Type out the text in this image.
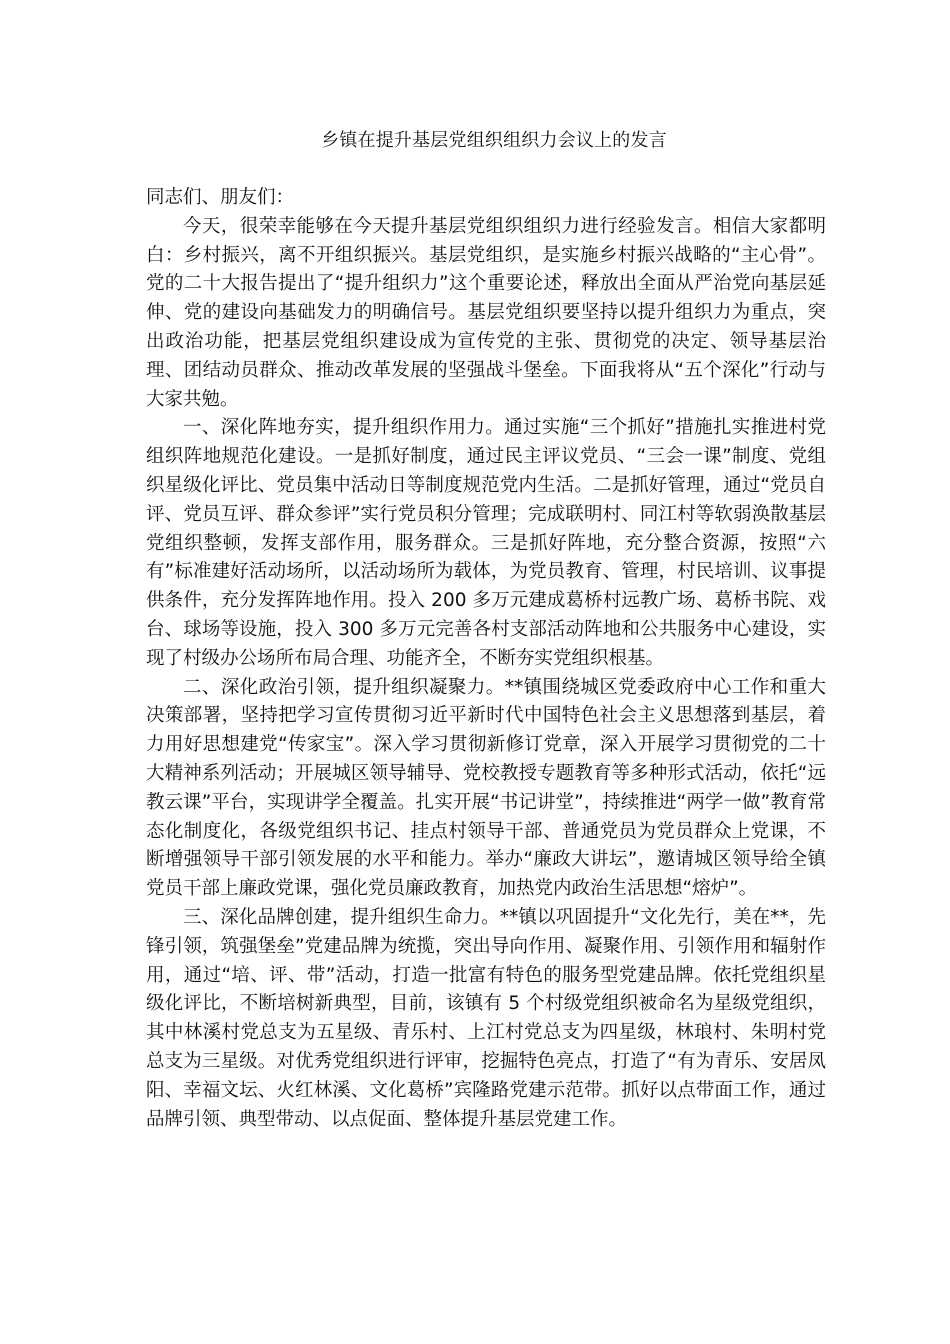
乡镇在提升基层党组织组织力会议上的发言

同志们、朋友们：

今天，很荣幸能够在今天提升基层党组织组织力进行经验发言。相信大家都明白：乡村振兴，离不开组织振兴。基层党组织，是实施乡村振兴战略的“主心骨”。党的二十大报告提出了“提升组织力”这个重要论述，释放出全面从严治党向基层延伸、党的建设向基础发力的明确信号。基层党组织要坚持以提升组织力为重点，突出政治功能，把基层党组织建设成为宣传党的主张、贯彻党的决定、领导基层治理、团结动员群众、推动改革发展的坚强战斗堡垒。下面我将从“五个深化”行动与大家共勉。

一、深化阵地夯实，提升组织作用力。通过实施“三个抓好”措施扎实推进村党组织阵地规范化建设。一是抓好制度，通过民主评议党员、“三会一课”制度、党组织星级化评比、党员集中活动日等制度规范党内生活。二是抓好管理，通过“党员自评、党员互评、群众参评”实行党员积分管理；完成联明村、同江村等软弱涣散基层党组织整顿，发挥支部作用，服务群众。三是抓好阵地，充分整合资源，按照“六有”标准建好活动场所，以活动场所为载体，为党员教育、管理，村民培训、议事提供条件，充分发挥阵地作用。投入 200 多万元建成葛桥村远教广场、葛桥书院、戏台、球场等设施，投入 300 多万元完善各村支部活动阵地和公共服务中心建设，实现了村级办公场所布局合理、功能齐全，不断夯实党组织根基。

二、深化政治引领，提升组织凝聚力。**镇围绕城区党委政府中心工作和重大决策部署，坚持把学习宣传贯彻习近平新时代中国特色社会主义思想落到基层，着力用好思想建党“传家宝”。深入学习贯彻新修订党章，深入开展学习贯彻党的二十大精神系列活动；开展城区领导辅导、党校教授专题教育等多种形式活动，依托“远教云课”平台，实现讲学全覆盖。扎实开展“书记讲堂”，持续推进“两学一做”教育常态化制度化，各级党组织书记、挂点村领导干部、普通党员为党员群众上党课，不断增强领导干部引领发展的水平和能力。举办“廉政大讲坛”，邀请城区领导给全镇党员干部上廉政党课，强化党员廉政教育，加热党内政治生活思想“熔炉”。

三、深化品牌创建，提升组织生命力。**镇以巩固提升“文化先行，美在**，先锋引领，筑强堡垒”党建品牌为统揽，突出导向作用、凝聚作用、引领作用和辐射作用，通过“培、评、带”活动，打造一批富有特色的服务型党建品牌。依托党组织星级化评比，不断培树新典型，目前，该镇有 5 个村级党组织被命名为星级党组织，其中林溪村党总支为五星级、青乐村、上江村党总支为四星级，林琅村、朱明村党总支为三星级。对优秀党组织进行评审，挖掘特色亮点，打造了“有为青乐、安居凤阳、幸福文坛、火红林溪、文化葛桥”宾隆路党建示范带。抓好以点带面工作，通过品牌引领、典型带动、以点促面、整体提升基层党建工作。
